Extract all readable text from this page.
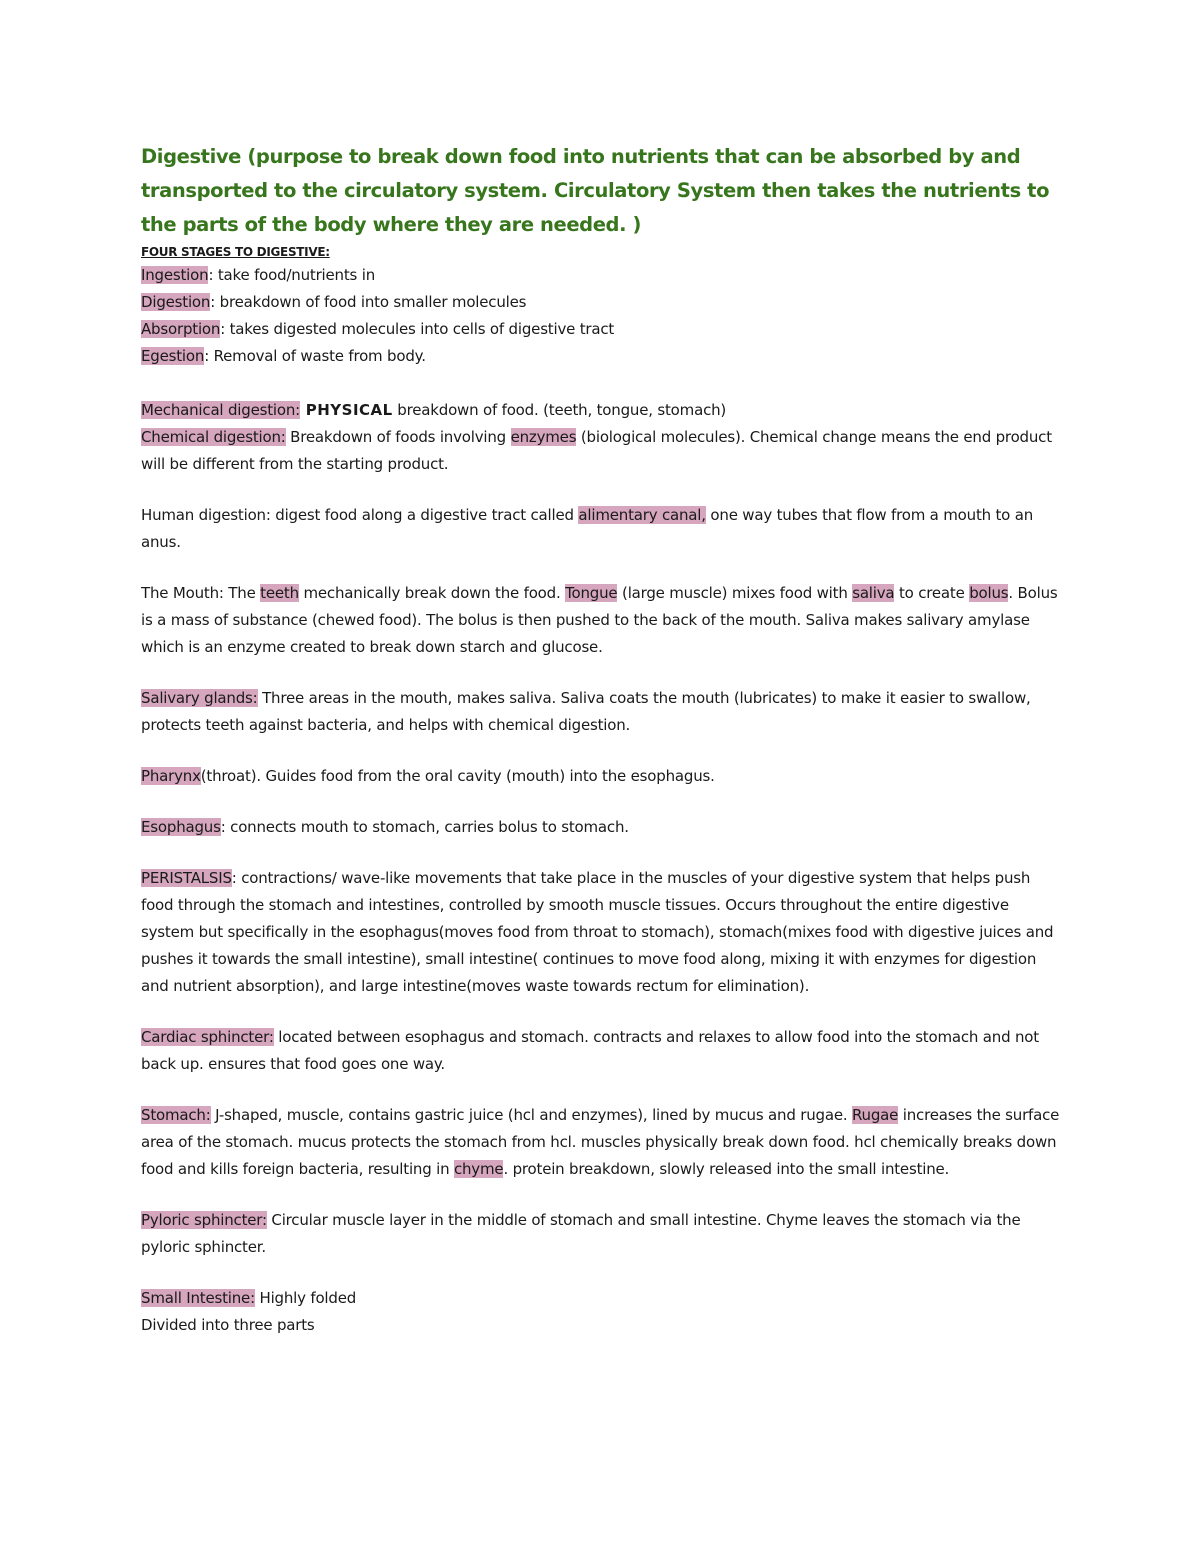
Digestive (purpose to break down food into nutrients that can be absorbed by and transported to the circulatory system. Circulatory System then takes the nutrients to the parts of the body where they are needed. )

FOUR STAGES TO DIGESTIVE:

Ingestion: take food/nutrients in

Digestion: breakdown of food into smaller molecules

Absorption: takes digested molecules into cells of digestive tract

Egestion: Removal of waste from body.

Mechanical digestion: PHYSICAL breakdown of food. (teeth, tongue, stomach)

Chemical digestion: Breakdown of foods involving enzymes (biological molecules). Chemical change means the end product will be different from the starting product.

Human digestion: digest food along a digestive tract called alimentary canal, one way tubes that flow from a mouth to an anus.

The Mouth: The teeth mechanically break down the food. Tongue (large muscle) mixes food with saliva to create bolus. Bolus is a mass of substance (chewed food). The bolus is then pushed to the back of the mouth. Saliva makes salivary amylase which is an enzyme created to break down starch and glucose.

Salivary glands: Three areas in the mouth, makes saliva. Saliva coats the mouth (lubricates) to make it easier to swallow, protects teeth against bacteria, and helps with chemical digestion.

Pharynx(throat). Guides food from the oral cavity (mouth) into the esophagus.

Esophagus: connects mouth to stomach, carries bolus to stomach.

PERISTALSIS: contractions/ wave-like movements that take place in the muscles of your digestive system that helps push food through the stomach and intestines, controlled by smooth muscle tissues. Occurs throughout the entire digestive system but specifically in the esophagus(moves food from throat to stomach), stomach(mixes food with digestive juices and pushes it towards the small intestine), small intestine( continues to move food along, mixing it with enzymes for digestion and nutrient absorption), and large intestine(moves waste towards rectum for elimination).

Cardiac sphincter: located between esophagus and stomach. contracts and relaxes to allow food into the stomach and not back up. ensures that food goes one way.

Stomach: J-shaped, muscle, contains gastric juice (hcl and enzymes), lined by mucus and rugae. Rugae increases the surface area of the stomach. mucus protects the stomach from hcl. muscles physically break down food. hcl chemically breaks down food and kills foreign bacteria, resulting in chyme. protein breakdown, slowly released into the small intestine.

Pyloric sphincter: Circular muscle layer in the middle of stomach and small intestine. Chyme leaves the stomach via the pyloric sphincter.

Small Intestine: Highly folded

Divided into three parts
